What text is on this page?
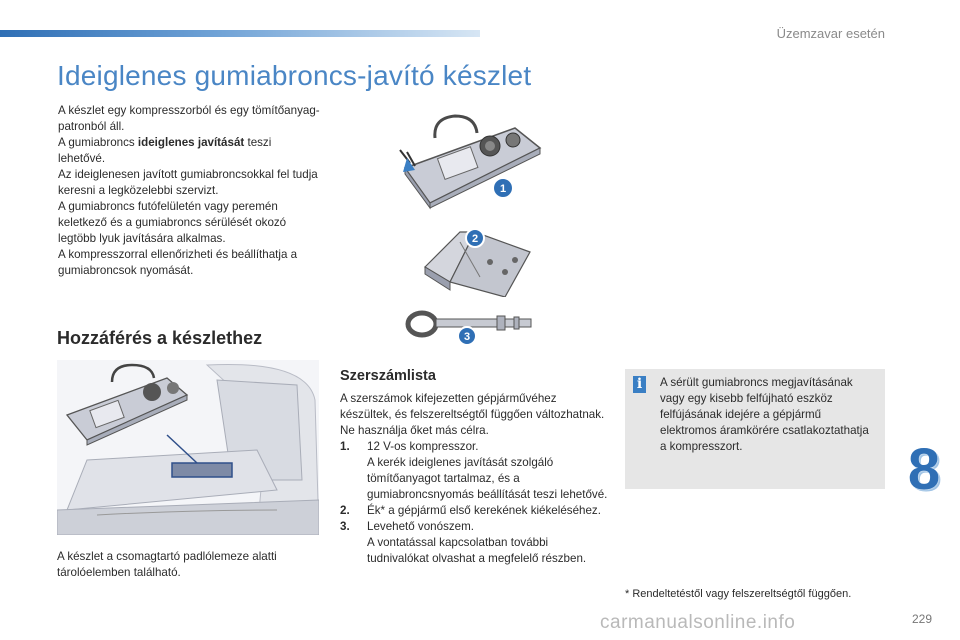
Üzemzavar esetén
Ideiglenes gumiabroncs-javító készlet

A készlet egy kompresszorból és egy tömítőanyag-patronból áll.

A gumiabroncs ideiglenes javítását teszi lehetővé.

Az ideiglenesen javított gumiabroncsokkal fel tudja keresni a legközelebbi szervizt.

A gumiabroncs futófelületén vagy peremén keletkező és a gumiabroncs sérülését okozó legtöbb lyuk javítására alkalmas.

A kompresszorral ellenőrizheti és beállíthatja a gumiabroncsok nyomását.

1
2
3
Hozzáférés a készlethez
A készlet a csomagtartó padlólemeze alatti tárolóelemben található.
Szerszámlista

A szerszámok kifejezetten gépjárművéhez készültek, és felszereltségtől függően változhatnak. Ne használja őket más célra.

1. 12 V-os kompresszor.
A kerék ideiglenes javítását szolgáló tömítőanyagot tartalmaz, és a gumiabroncsnyomás beállítását teszi lehetővé.
2. Ék* a gépjármű első kerekének kiékeléséhez.
3. Levehető vonószem.
A vontatással kapcsolatban további tudnivalókat olvashat a megfelelő részben.
i	A sérült gumiabroncs megjavításának vagy egy kisebb felfújható eszköz felfújásának idejére a gépjármű elektromos áramkörére csatlakoztathatja a kompresszort.
* Rendeltetéstől vagy felszereltségtől függően.
8
carmanualsonline.info	229
